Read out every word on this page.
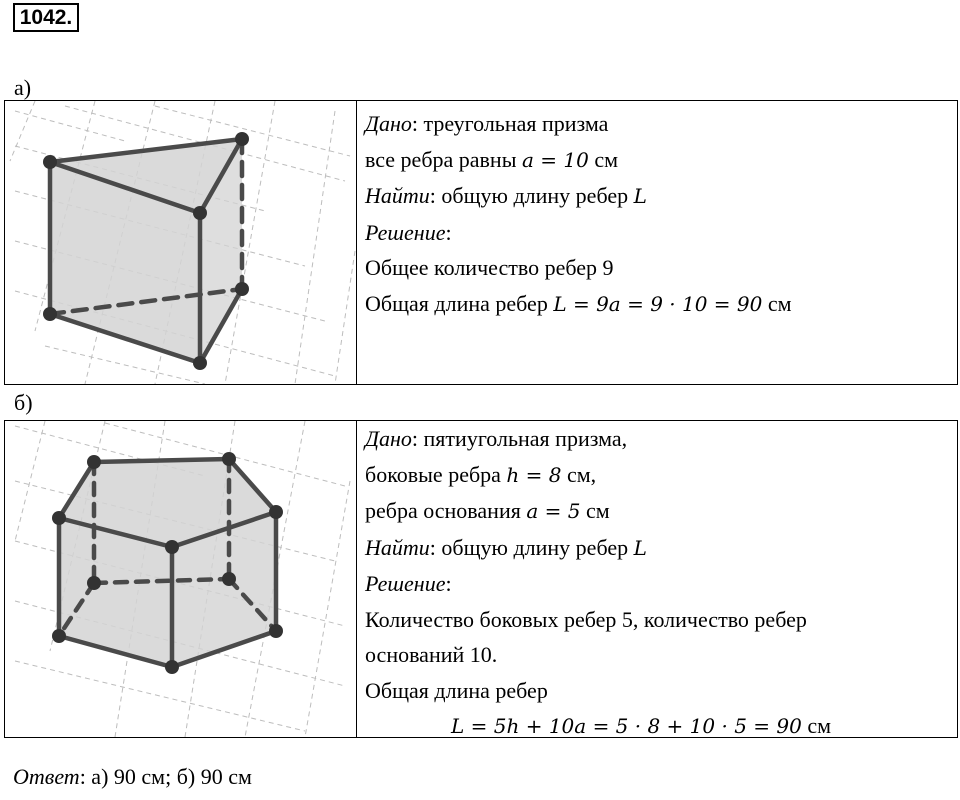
1042.
а)
Дано: треугольная призма
все ребра равны a = 10 см
Найти: общую длину ребер L
Решение:
Общее количество ребер 9
Общая длина ребер L = 9a = 9 · 10 = 90 см
б)
Дано: пятиугольная призма,
боковые ребра h = 8 см,
ребра основания a = 5 см
Найти: общую длину ребер L
Решение:
Количество боковых ребер 5, количество ребер
оснований 10.
Общая длина ребер
L = 5h + 10a = 5 · 8 + 10 · 5 = 90 см
Ответ: а) 90 см; б) 90 см
